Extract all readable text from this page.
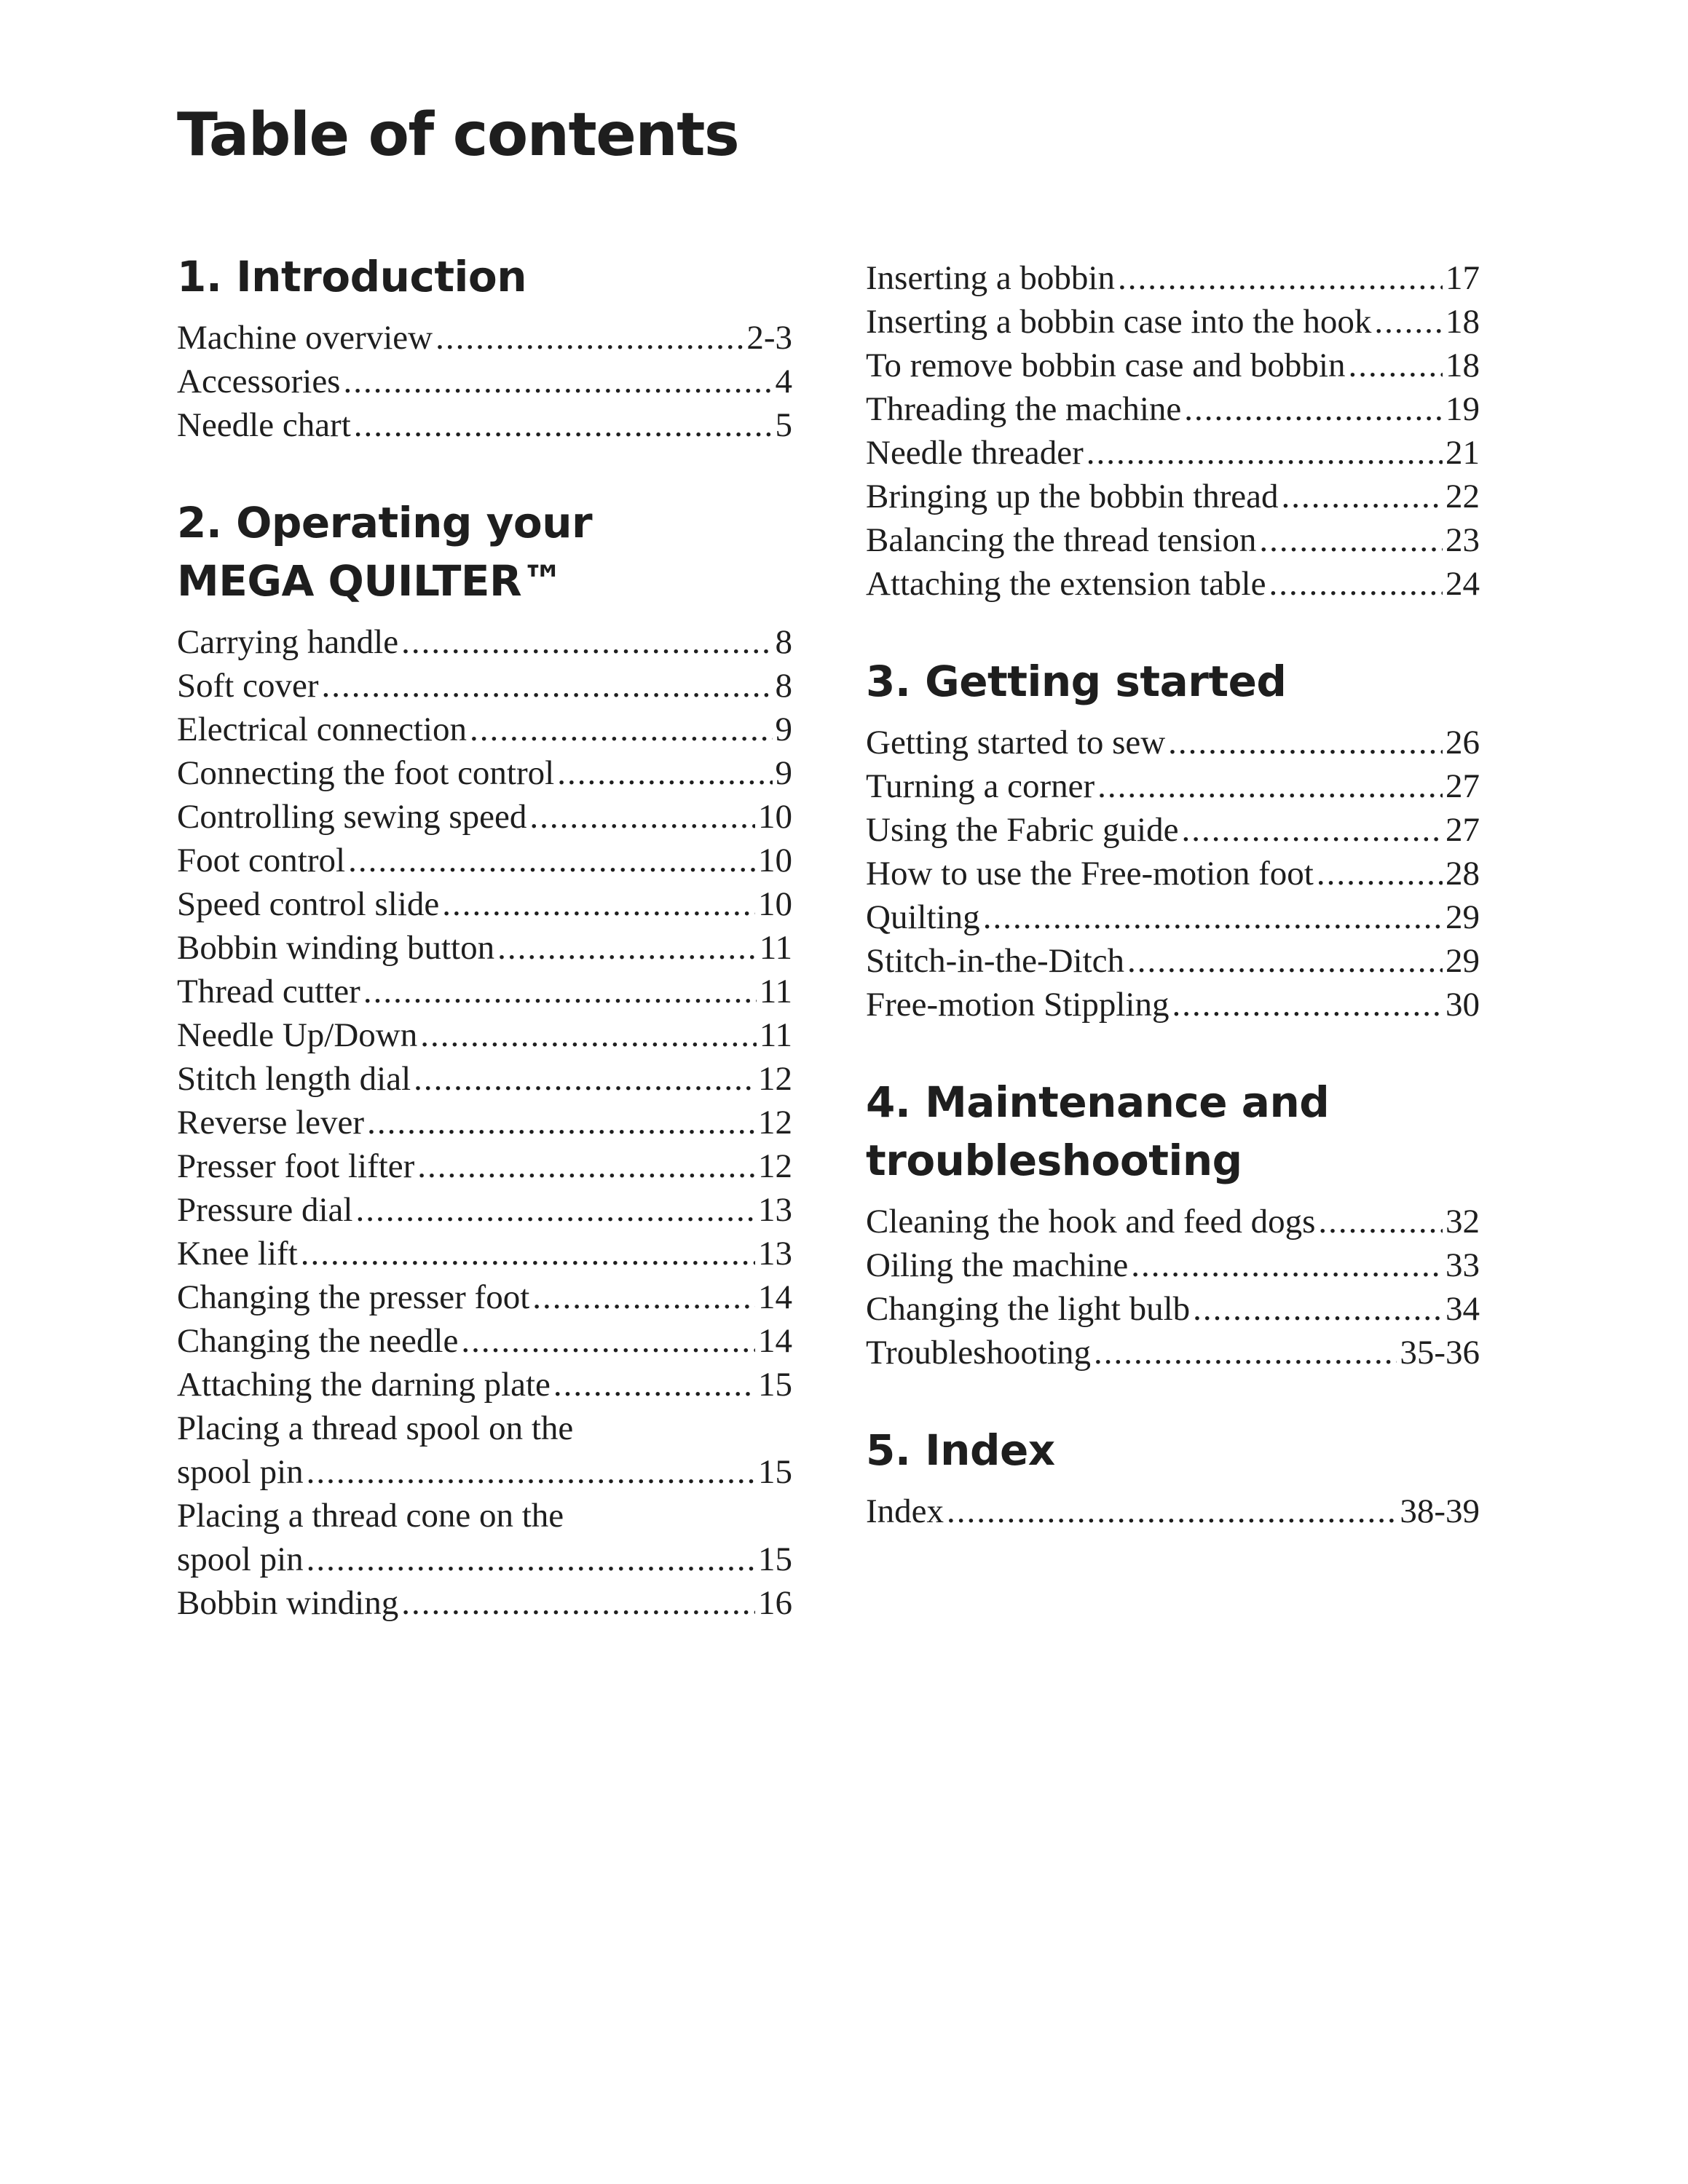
Table of contents
1. Introduction
Machine overview .....	2-3
Accessories .....	4
Needle chart .....	5
2. Operating your
MEGA QUILTER™
Carrying handle .....	8
Soft cover .....	8
Electrical connection .....	9
Connecting the foot control .....	9
Controlling sewing speed .....	10
Foot control .....	10
Speed control slide .....	10
Bobbin winding button .....	11
Thread cutter .....	11
Needle Up/Down .....	11
Stitch length dial .....	12
Reverse lever .....	12
Presser foot lifter .....	12
Pressure dial .....	13
Knee lift .....	13
Changing the presser foot .....	14
Changing the needle .....	14
Attaching the darning plate .....	15
Placing a thread spool on the
spool pin .....	15
Placing a thread cone on the
spool pin .....	15
Bobbin winding .....	16
Inserting a bobbin .....	17
Inserting a bobbin case into the hook ..... 18
To remove bobbin case and bobbin .....	18
Threading the machine .....	19
Needle threader .....	21
Bringing up the bobbin thread .....	22
Balancing the thread tension .....	23
Attaching the extension table .....	24
3. Getting started
Getting started to sew .....	26
Turning a corner .....	27
Using the Fabric guide .....	27
How to use the Free-motion foot .....	28
Quilting .....	29
Stitch-in-the-Ditch .....	29
Free-motion Stippling .....	30
4. Maintenance and
troubleshooting
Cleaning the hook and feed dogs .....	32
Oiling the machine .....	33
Changing the light bulb .....	34
Troubleshooting .....	35-36
5. Index
Index .....	38-39
